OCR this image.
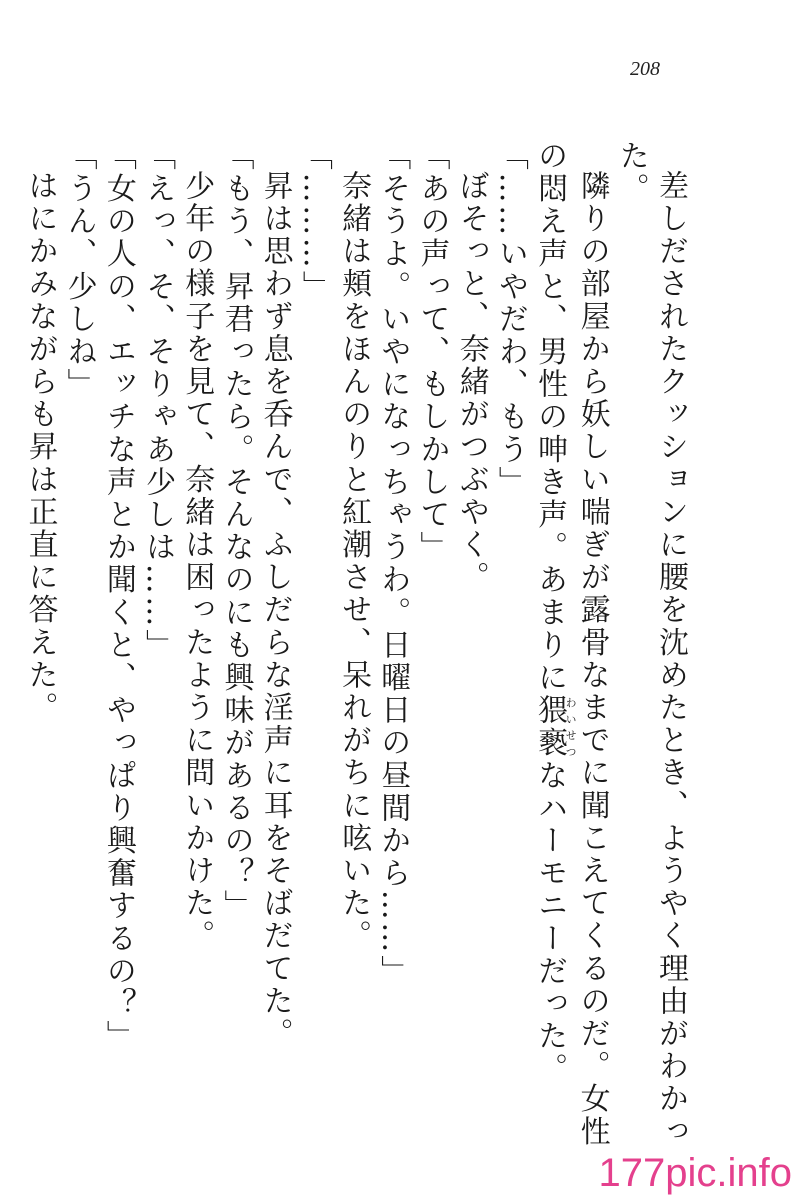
208

差しだされたクッションに腰を沈めたとき、ようやく理由がわかった。

隣りの部屋から妖しい喘ぎが露骨なまでに聞こえてくるのだ。女性の悶え声と、男性の呻き声。あまりに猥褻わいせつなハーモニーだった。

「……いやだわ、もう」

ぼそっと、奈緒がつぶやく。

「あの声って、もしかして」

「そうよ。いやになっちゃうわ。日曜日の昼間から……」

奈緒は頬をほんのりと紅潮させ、呆れがちに呟いた。

「………」

昇は思わず息を呑んで、ふしだらな淫声に耳をそばだてた。

「もう、昇君ったら。そんなのにも興味があるの？」

少年の様子を見て、奈緒は困ったように問いかけた。

「えっ、そ、そりゃあ少しは……」

「女の人の、エッチな声とか聞くと、やっぱり興奮するの？」

「うん、少しね」

はにかみながらも昇は正直に答えた。

177pic.info
